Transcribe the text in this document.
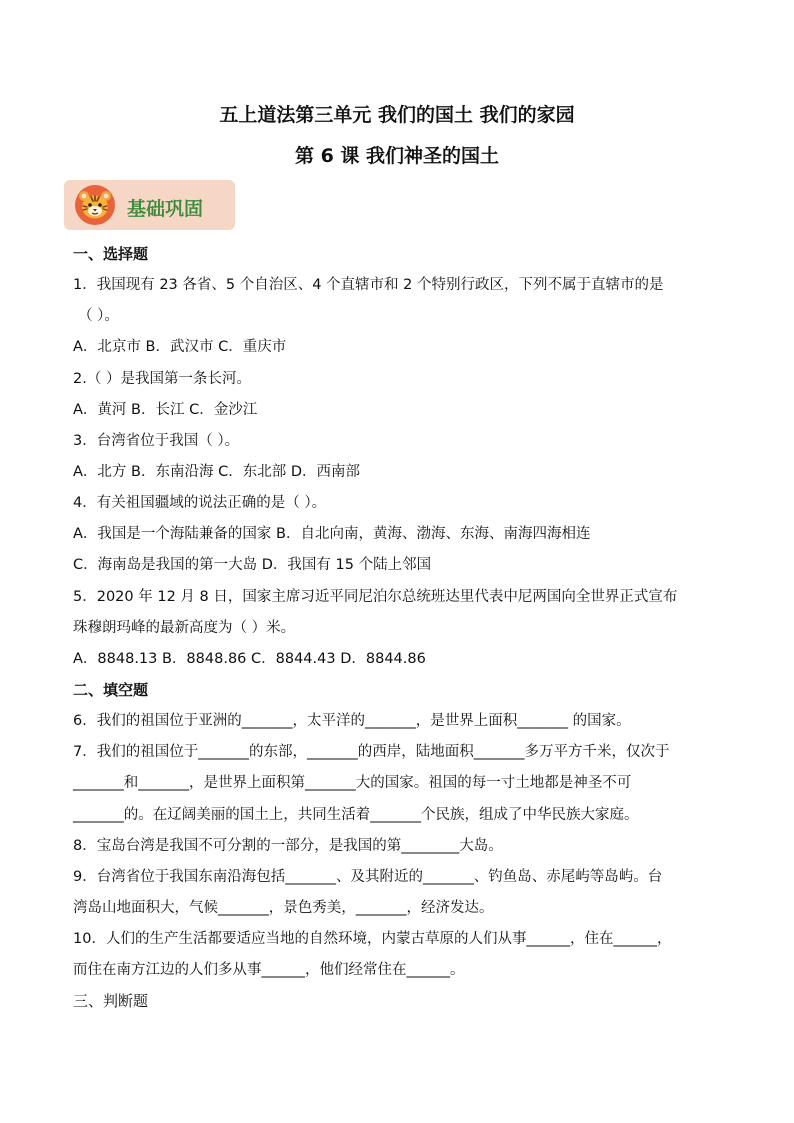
五上道法第三单元 我们的国土 我们的家园
第 6 课 我们神圣的国土
基础巩固
一、选择题
1．我国现有 23 各省、5 个自治区、4 个直辖市和 2 个特别行政区，下列不属于直辖市的是
（ ）。
A．北京市 B．武汉市 C．重庆市
2.（ ）是我国第一条长河。
A．黄河 B．长江 C．金沙江
3．台湾省位于我国（ ）。
A．北方 B．东南沿海 C．东北部 D．西南部
4．有关祖国疆域的说法正确的是（ ）。
A．我国是一个海陆兼备的国家 B．自北向南，黄海、渤海、东海、南海四海相连
C．海南岛是我国的第一大岛 D．我国有 15 个陆上邻国
5．2020 年 12 月 8 日，国家主席习近平同尼泊尔总统班达里代表中尼两国向全世界正式宣布
珠穆朗玛峰的最新高度为（ ）米。
A．8848.13 B．8848.86 C．8844.43 D．8844.86
二、填空题
6．我们的祖国位于亚洲的_______，太平洋的_______，是世界上面积_______ 的国家。
7．我们的祖国位于_______的东部，_______的西岸，陆地面积_______多万平方千米，仅次于
_______和_______，是世界上面积第_______大的国家。祖国的每一寸土地都是神圣不可
_______的。在辽阔美丽的国土上，共同生活着_______个民族，组成了中华民族大家庭。
8．宝岛台湾是我国不可分割的一部分，是我国的第________大岛。
9．台湾省位于我国东南沿海包括_______、及其附近的_______、钓鱼岛、赤尾屿等岛屿。台
湾岛山地面积大，气候_______，景色秀美，_______，经济发达。
10．人们的生产生活都要适应当地的自然环境，内蒙古草原的人们从事______，住在______，
而住在南方江边的人们多从事______，他们经常住在______。
三、判断题
